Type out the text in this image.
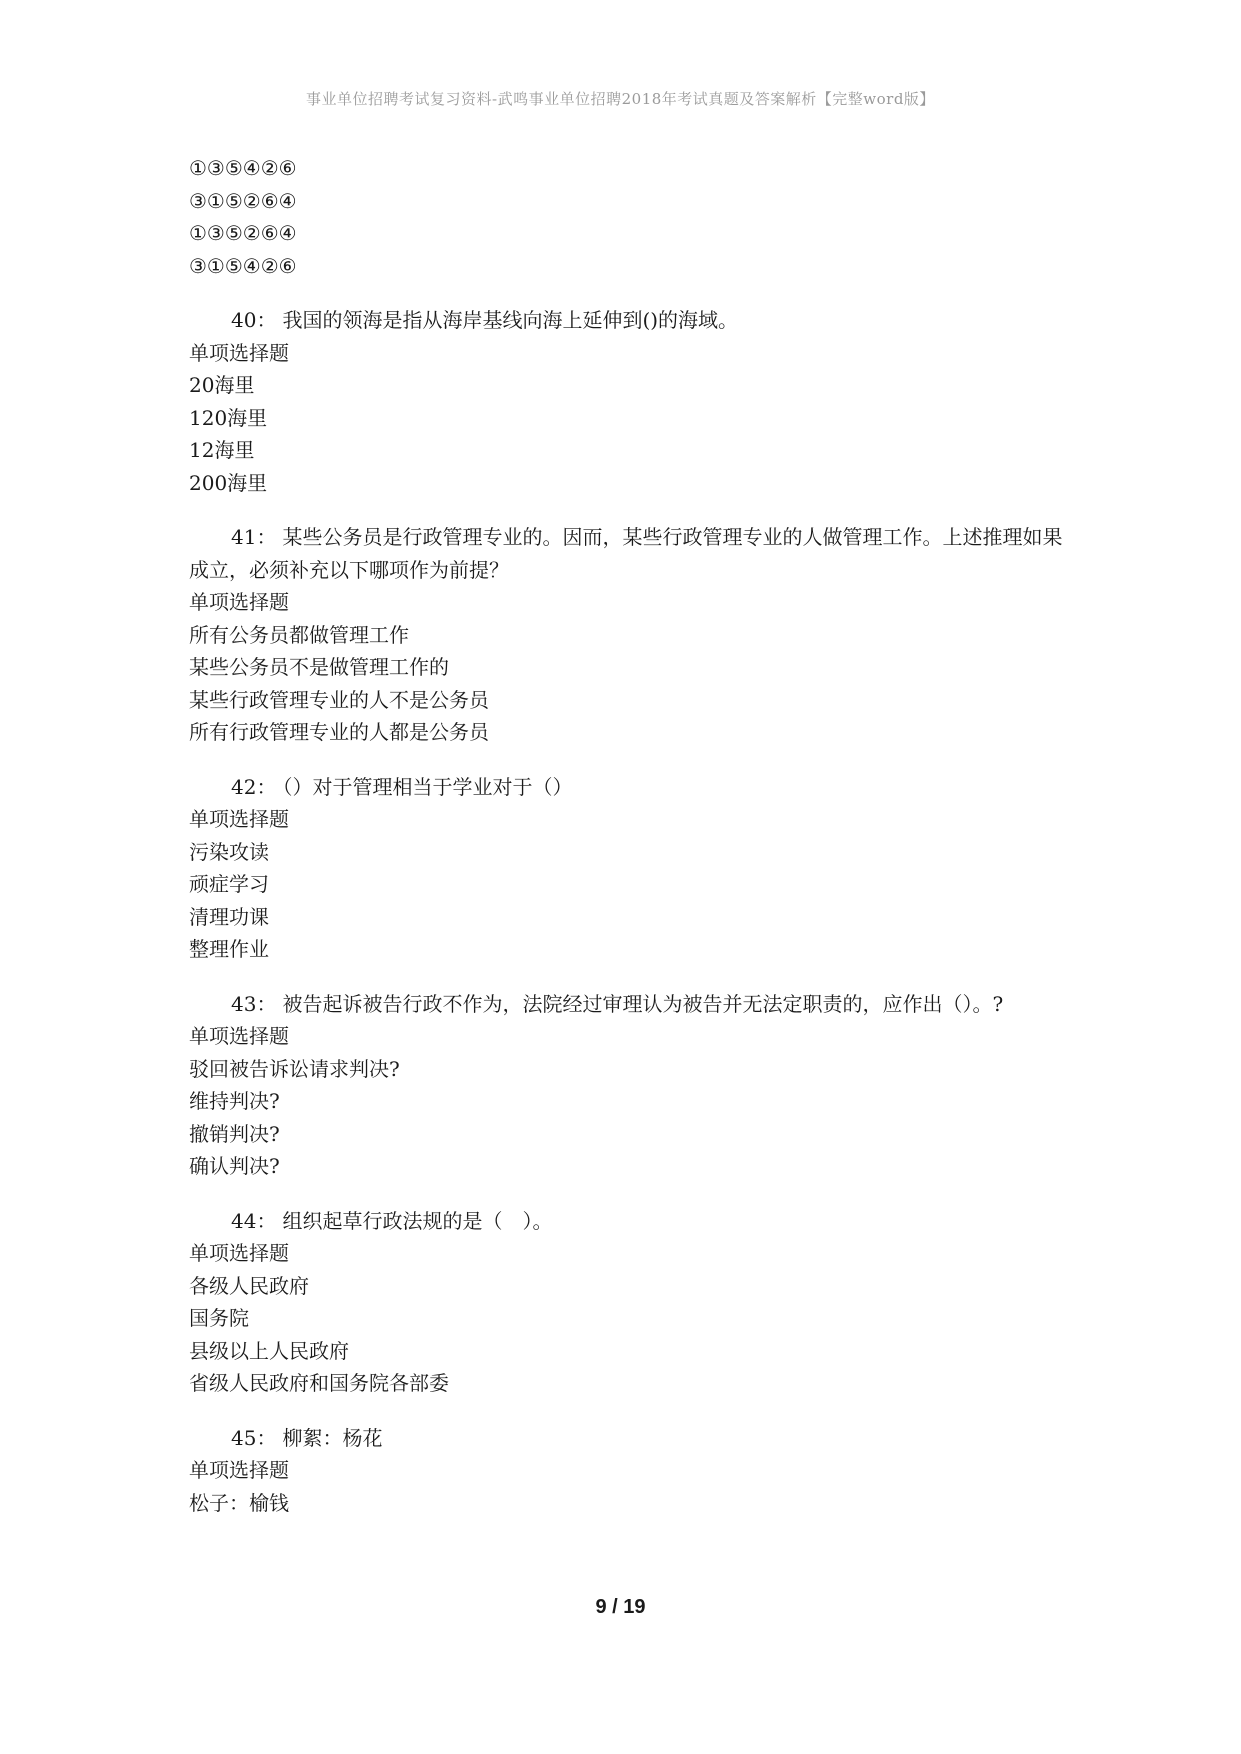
事业单位招聘考试复习资料-武鸣事业单位招聘2018年考试真题及答案解析【完整word版】

①③⑤④②⑥

③①⑤②⑥④

①③⑤②⑥④

③①⑤④②⑥

40： 我国的领海是指从海岸基线向海上延伸到()的海域。

单项选择题

20海里

120海里

12海里

200海里

41： 某些公务员是行政管理专业的。因而，某些行政管理专业的人做管理工作。上述推理如果成立，必须补充以下哪项作为前提？

单项选择题

所有公务员都做管理工作

某些公务员不是做管理工作的

某些行政管理专业的人不是公务员

所有行政管理专业的人都是公务员

42： （）对于管理相当于学业对于（）

单项选择题

污染攻读

顽症学习

清理功课

整理作业

43： 被告起诉被告行政不作为，法院经过审理认为被告并无法定职责的，应作出（）。?

单项选择题

驳回被告诉讼请求判决?

维持判决?

撤销判决?

确认判决?

44： 组织起草行政法规的是（　）。

单项选择题

各级人民政府

国务院

县级以上人民政府

省级人民政府和国务院各部委

45： 柳絮：杨花

单项选择题

松子：榆钱

9 / 19
